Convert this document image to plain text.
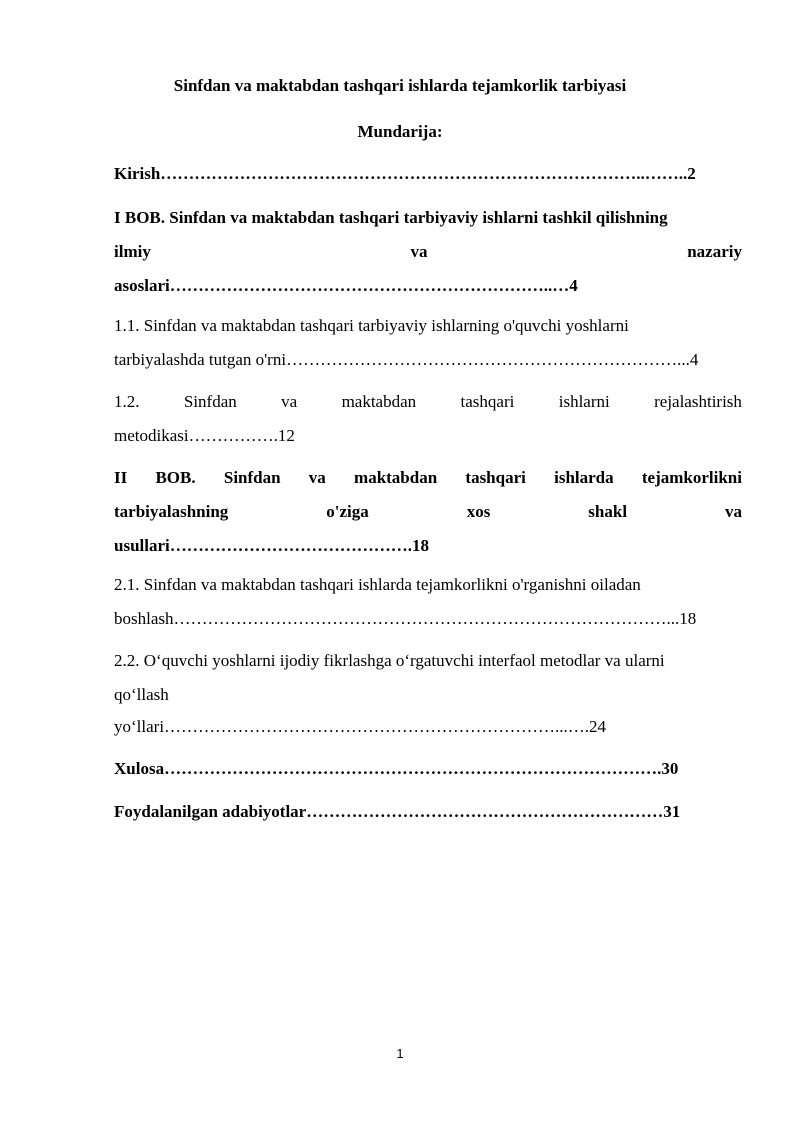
Sinfdan va maktabdan tashqari ishlarda tejamkorlik tarbiyasi
Mundarija:
Kirish…………………………………………………………………………..……..2
I BOB. Sinfdan va maktabdan tashqari tarbiyaviy ishlarni tashkil qilishning
ilmiy	va	nazariy
asoslari…………………………………………………………..…4
1.1. Sinfdan va maktabdan tashqari tarbiyaviy ishlarning o'quvchi yoshlarni
tarbiyalashda tutgan o'rni……………………………………………………………...4
1.2.	Sinfdan	va	maktabdan	tashqari	ishlarni	rejalashtirish
metodikasi…………….12
II BOB. Sinfdan va maktabdan tashqari ishlarda tejamkorlikni
tarbiyalashning	o'ziga	xos	shakl	va
usullari…………………………………….18
2.1. Sinfdan va maktabdan tashqari ishlarda tejamkorlikni o'rganishni oiladan
boshlash……………………………………………………………………………...18
2.2. O‘quvchi yoshlarni ijodiy fikrlashga o‘rgatuvchi interfaol metodlar va ularni
qo‘llash
yo‘llari……………………………………………………………...….24
Xulosa…………………………………………………………………………….30
Foydalanilgan adabiyotlar………………………………………………………31
1
